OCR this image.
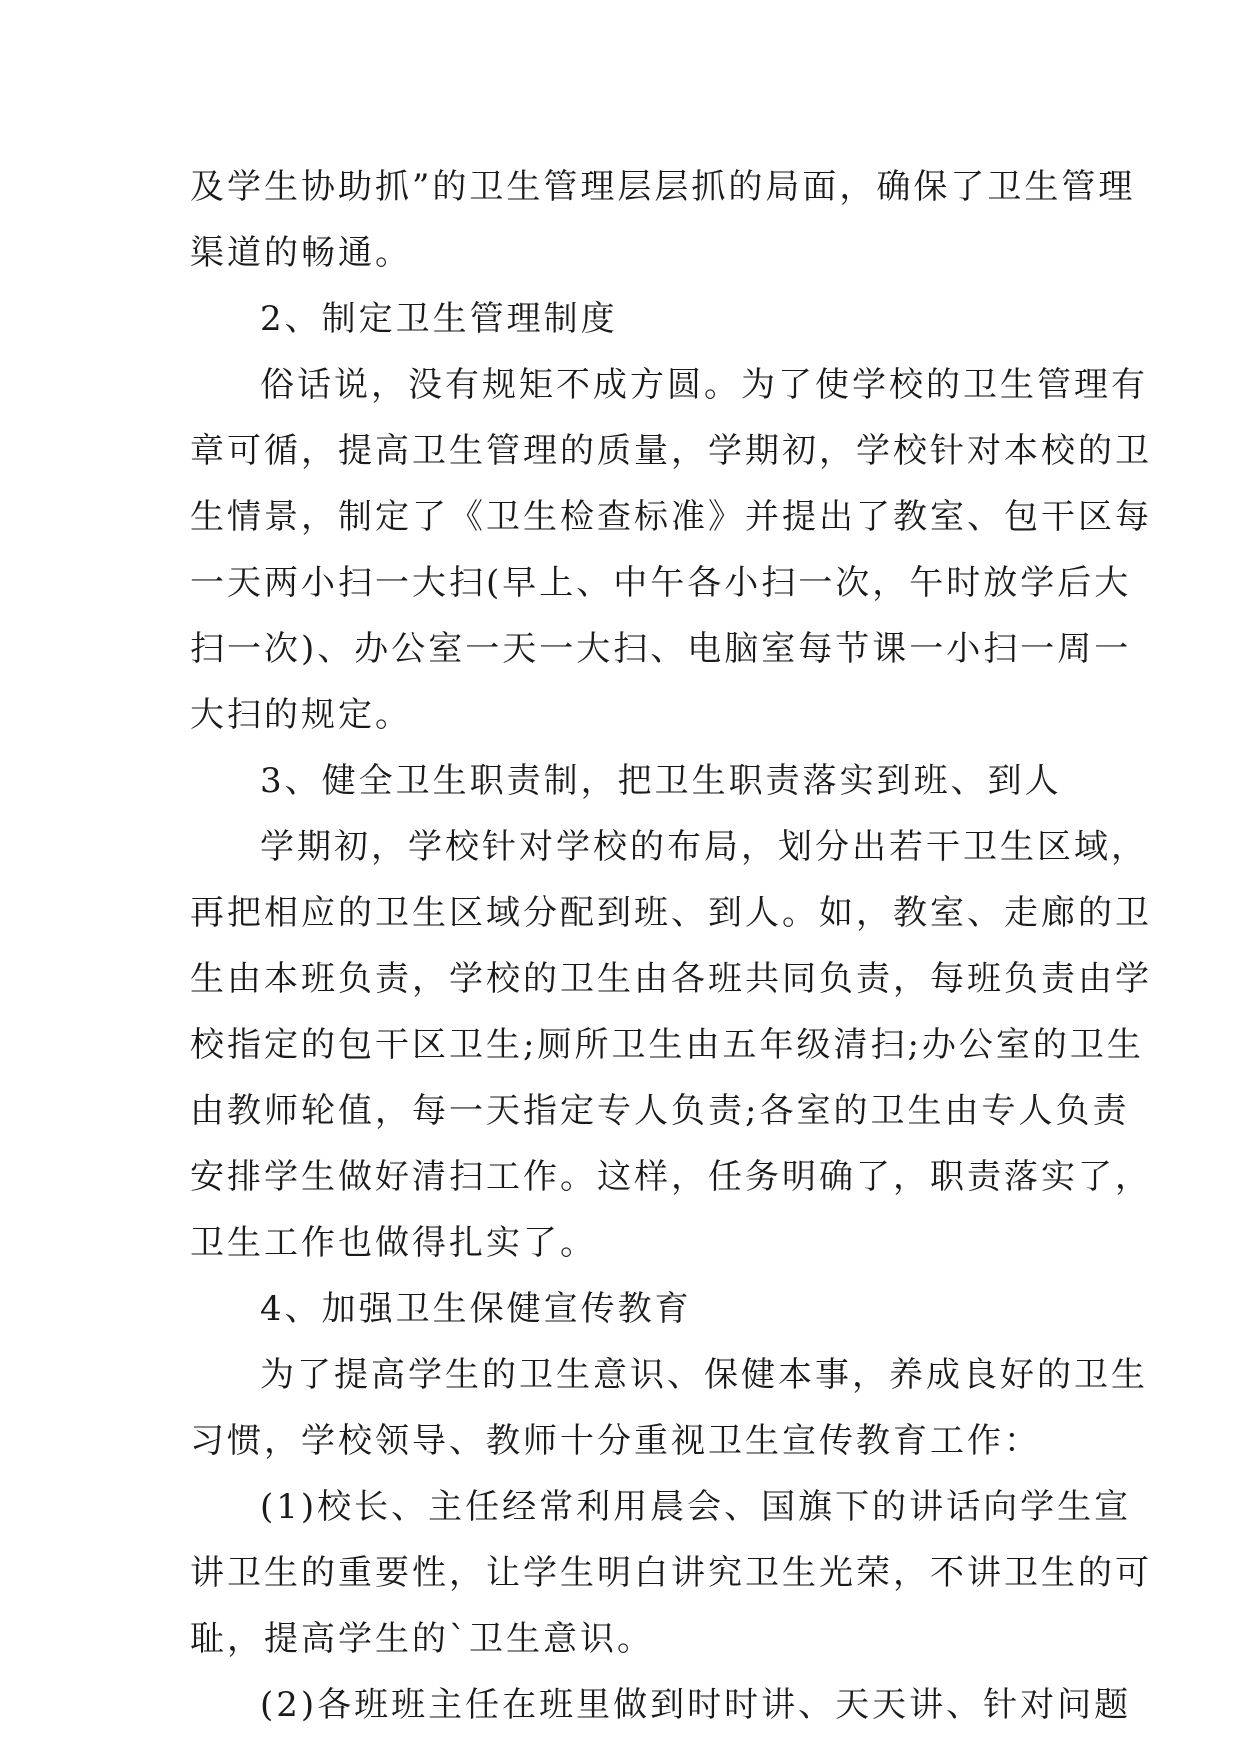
及学生协助抓”的卫生管理层层抓的局面，确保了卫生管理
渠道的畅通。
2、制定卫生管理制度
俗话说，没有规矩不成方圆。为了使学校的卫生管理有
章可循，提高卫生管理的质量，学期初，学校针对本校的卫
生情景，制定了《卫生检查标准》并提出了教室、包干区每
一天两小扫一大扫(早上、中午各小扫一次，午时放学后大
扫一次)、办公室一天一大扫、电脑室每节课一小扫一周一
大扫的规定。
3、健全卫生职责制，把卫生职责落实到班、到人
学期初，学校针对学校的布局，划分出若干卫生区域，
再把相应的卫生区域分配到班、到人。如，教室、走廊的卫
生由本班负责，学校的卫生由各班共同负责，每班负责由学
校指定的包干区卫生;厕所卫生由五年级清扫;办公室的卫生
由教师轮值，每一天指定专人负责;各室的卫生由专人负责
安排学生做好清扫工作。这样，任务明确了，职责落实了，
卫生工作也做得扎实了。
4、加强卫生保健宣传教育
为了提高学生的卫生意识、保健本事，养成良好的卫生
习惯，学校领导、教师十分重视卫生宣传教育工作：
(1)校长、主任经常利用晨会、国旗下的讲话向学生宣
讲卫生的重要性，让学生明白讲究卫生光荣，不讲卫生的可
耻，提高学生的`卫生意识。
(2)各班班主任在班里做到时时讲、天天讲、针对问题
